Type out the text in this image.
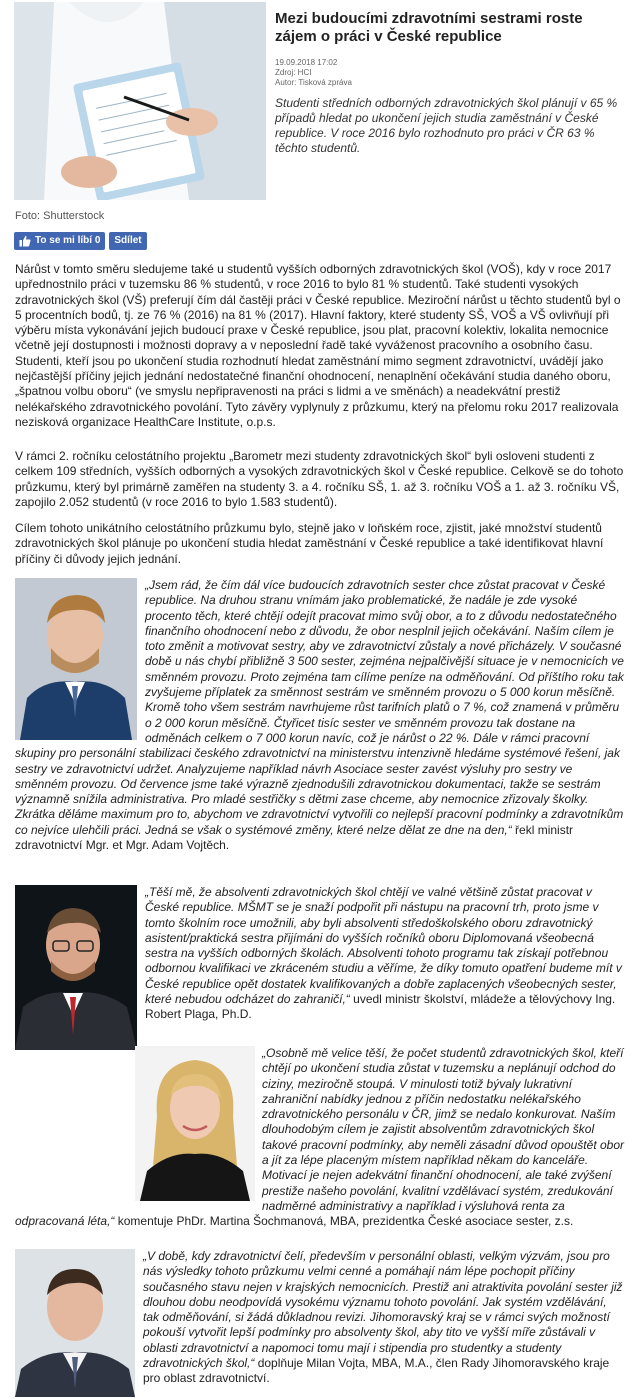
Foto: Shutterstock
Mezi budoucími zdravotními sestrami roste zájem o práci v České republice
19.09.2018 17:02
Zdroj: HCI
Autor: Tisková zpráva
Studenti středních odborných zdravotnických škol plánují v 65 % případů hledat po ukončení jejich studia zaměstnání v České republice. V roce 2016 bylo rozhodnuto pro práci v ČR 63 % těchto studentů.
To se mi líbí 0 Sdílet
Nárůst v tomto směru sledujeme také u studentů vyšších odborných zdravotnických škol (VOŠ), kdy v roce 2017 upřednostnilo práci v tuzemsku 86 % studentů, v roce 2016 to bylo 81 % studentů. Také studenti vysokých zdravotnických škol (VŠ) preferují čím dál častěji práci v České republice. Meziroční nárůst u těchto studentů byl o 5 procentních bodů, tj. ze 76 % (2016) na 81 % (2017). Hlavní faktory, které studenty SŠ, VOŠ a VŠ ovlivňují při výběru místa vykonávání jejich budoucí praxe v České republice, jsou plat, pracovní kolektiv, lokalita nemocnice včetně její dostupnosti i možnosti dopravy a v neposlední řadě také vyváženost pracovního a osobního času. Studenti, kteří jsou po ukončení studia rozhodnutí hledat zaměstnání mimo segment zdravotnictví, uvádějí jako nejčastější příčiny jejich jednání nedostatečné finanční ohodnocení, nenaplnění očekávání studia daného oboru, „špatnou volbu oboru“ (ve smyslu nepřipravenosti na práci s lidmi a ve směnách) a neadekvátní prestiž nelékařského zdravotnického povolání. Tyto závěry vyplynuly z průzkumu, který na přelomu roku 2017 realizovala nezisková organizace HealthCare Institute, o.p.s.
V rámci 2. ročníku celostátního projektu „Barometr mezi studenty zdravotnických škol“ byli osloveni studenti z celkem 109 středních, vyšších odborných a vysokých zdravotnických škol v České republice. Celkově se do tohoto průzkumu, který byl primárně zaměřen na studenty 3. a 4. ročníku SŠ, 1. až 3. ročníku VOŠ a 1. až 3. ročníku VŠ, zapojilo 2.052 studentů (v roce 2016 to bylo 1.583 studentů).
Cílem tohoto unikátního celostátního průzkumu bylo, stejně jako v loňském roce, zjistit, jaké množství studentů zdravotnických škol plánuje po ukončení studia hledat zaměstnání v České republice a také identifikovat hlavní příčiny či důvody jejich jednání.
„Jsem rád, že čím dál více budoucích zdravotních sester chce zůstat pracovat v České republice. Na druhou stranu vnímám jako problematické, že nadále je zde vysoké procento těch, které chtějí odejít pracovat mimo svůj obor, a to z důvodu nedostatečného finančního ohodnocení nebo z důvodu, že obor nesplnil jejich očekávání. Naším cílem je toto změnit a motivovat sestry, aby ve zdravotnictví zůstaly a nové přicházely. V současné době u nás chybí přibližně 3 500 sester, zejména nejpalčivější situace je v nemocnicích ve směnném provozu. Proto zejména tam cílíme peníze na odměňování. Od příštího roku tak zvyšujeme příplatek za směnnost sestrám ve směnném provozu o 5 000 korun měsíčně. Kromě toho všem sestrám navrhujeme růst tarifních platů o 7 %, což znamená v průměru o 2 000 korun měsíčně. Čtyřicet tisíc sester ve směnném provozu tak dostane na odměnách celkem o 7 000 korun navíc, což je nárůst o 22 %. Dále v rámci pracovní skupiny pro personální stabilizaci českého zdravotnictví na ministerstvu intenzivně hledáme systémové řešení, jak sestry ve zdravotnictví udržet. Analyzujeme například návrh Asociace sester zavést výsluhy pro sestry ve směnném provozu. Od července jsme také výrazně zjednodušili zdravotnickou dokumentaci, takže se sestrám významně snížila administrativa. Pro mladé sestřičky s dětmi zase chceme, aby nemocnice zřizovaly školky. Zkrátka děláme maximum pro to, abychom ve zdravotnictví vytvořili co nejlepší pracovní podmínky a zdravotníkům co nejvíce ulehčili práci. Jedná se však o systémové změny, které nelze dělat ze dne na den,“ řekl ministr zdravotnictví Mgr. et Mgr. Adam Vojtěch.
„Těší mě, že absolventi zdravotnických škol chtějí ve valné většině zůstat pracovat v České republice. MŠMT se je snaží podpořit při nástupu na pracovní trh, proto jsme v tomto školním roce umožnili, aby byli absolventi středoškolského oboru zdravotnický asistent/praktická sestra přijímáni do vyšších ročníků oboru Diplomovaná všeobecná sestra na vyšších odborných školách. Absolventi tohoto programu tak získají potřebnou odbornou kvalifikaci ve zkráceném studiu a věříme, že díky tomuto opatření budeme mít v České republice opět dostatek kvalifikovaných a dobře zaplacených všeobecných sester, které nebudou odcházet do zahraničí,“ uvedl ministr školství, mládeže a tělovýchovy Ing. Robert Plaga, Ph.D.
„Osobně mě velice těší, že počet studentů zdravotnických škol, kteří chtějí po ukončení studia zůstat v tuzemsku a neplánují odchod do ciziny, meziročně stoupá. V minulosti totiž bývaly lukrativní zahraniční nabídky jednou z příčin nedostatku nelékařského zdravotnického personálu v ČR, jimž se nedalo konkurovat. Naším dlouhodobým cílem je zajistit absolventům zdravotnických škol takové pracovní podmínky, aby neměli zásadní důvod opouštět obor a jít za lépe placeným místem například někam do kanceláře. Motivací je nejen adekvátní finanční ohodnocení, ale také zvýšení prestiže našeho povolání, kvalitní vzdělávací systém, zredukování nadměrné administrativy a například i výsluhová renta za odpracovaná léta,“ komentuje PhDr. Martina Šochmanová, MBA, prezidentka České asociace sester, z.s.
„V době, kdy zdravotnictví čelí, především v personální oblasti, velkým výzvám, jsou pro nás výsledky tohoto průzkumu velmi cenné a pomáhají nám lépe pochopit příčiny současného stavu nejen v krajských nemocnicích. Prestiž ani atraktivita povolání sester již dlouhou dobu neodpovídá vysokému významu tohoto povolání. Jak systém vzdělávání, tak odměňování, si žádá důkladnou revizi. Jihomoravský kraj se v rámci svých možností pokouší vytvořit lepší podmínky pro absolventy škol, aby tito ve vyšší míře zůstávali v oblasti zdravotnictví a napomoci tomu mají i stipendia pro studentky a studenty zdravotnických škol,“ doplňuje Milan Vojta, MBA, M.A., člen Rady Jihomoravského kraje pro oblast zdravotnictví.
